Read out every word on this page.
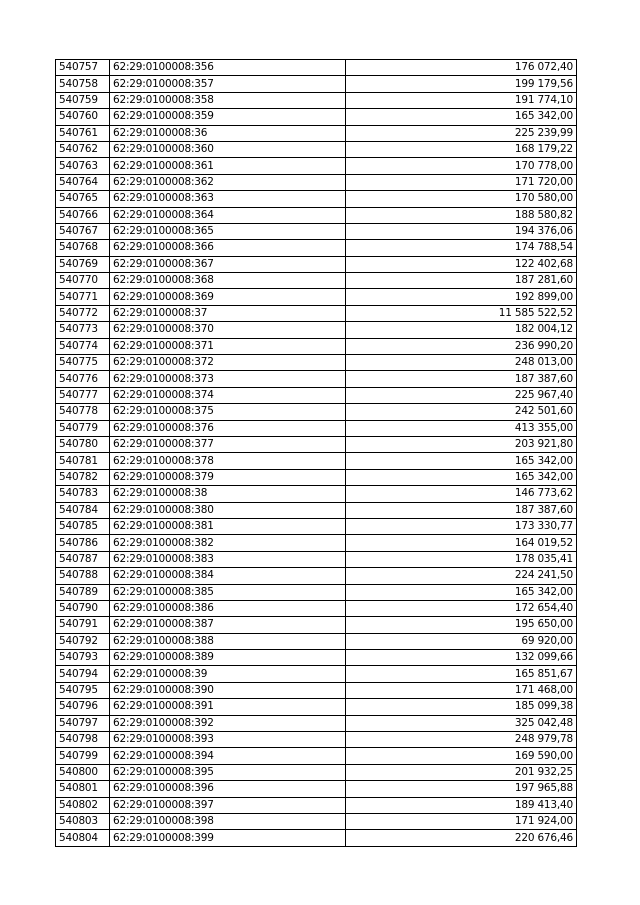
540757	62:29:0100008:356	176 072,40
540758	62:29:0100008:357	199 179,56
540759	62:29:0100008:358	191 774,10
540760	62:29:0100008:359	165 342,00
540761	62:29:0100008:36	225 239,99
540762	62:29:0100008:360	168 179,22
540763	62:29:0100008:361	170 778,00
540764	62:29:0100008:362	171 720,00
540765	62:29:0100008:363	170 580,00
540766	62:29:0100008:364	188 580,82
540767	62:29:0100008:365	194 376,06
540768	62:29:0100008:366	174 788,54
540769	62:29:0100008:367	122 402,68
540770	62:29:0100008:368	187 281,60
540771	62:29:0100008:369	192 899,00
540772	62:29:0100008:37	11 585 522,52
540773	62:29:0100008:370	182 004,12
540774	62:29:0100008:371	236 990,20
540775	62:29:0100008:372	248 013,00
540776	62:29:0100008:373	187 387,60
540777	62:29:0100008:374	225 967,40
540778	62:29:0100008:375	242 501,60
540779	62:29:0100008:376	413 355,00
540780	62:29:0100008:377	203 921,80
540781	62:29:0100008:378	165 342,00
540782	62:29:0100008:379	165 342,00
540783	62:29:0100008:38	146 773,62
540784	62:29:0100008:380	187 387,60
540785	62:29:0100008:381	173 330,77
540786	62:29:0100008:382	164 019,52
540787	62:29:0100008:383	178 035,41
540788	62:29:0100008:384	224 241,50
540789	62:29:0100008:385	165 342,00
540790	62:29:0100008:386	172 654,40
540791	62:29:0100008:387	195 650,00
540792	62:29:0100008:388	69 920,00
540793	62:29:0100008:389	132 099,66
540794	62:29:0100008:39	165 851,67
540795	62:29:0100008:390	171 468,00
540796	62:29:0100008:391	185 099,38
540797	62:29:0100008:392	325 042,48
540798	62:29:0100008:393	248 979,78
540799	62:29:0100008:394	169 590,00
540800	62:29:0100008:395	201 932,25
540801	62:29:0100008:396	197 965,88
540802	62:29:0100008:397	189 413,40
540803	62:29:0100008:398	171 924,00
540804	62:29:0100008:399	220 676,46
